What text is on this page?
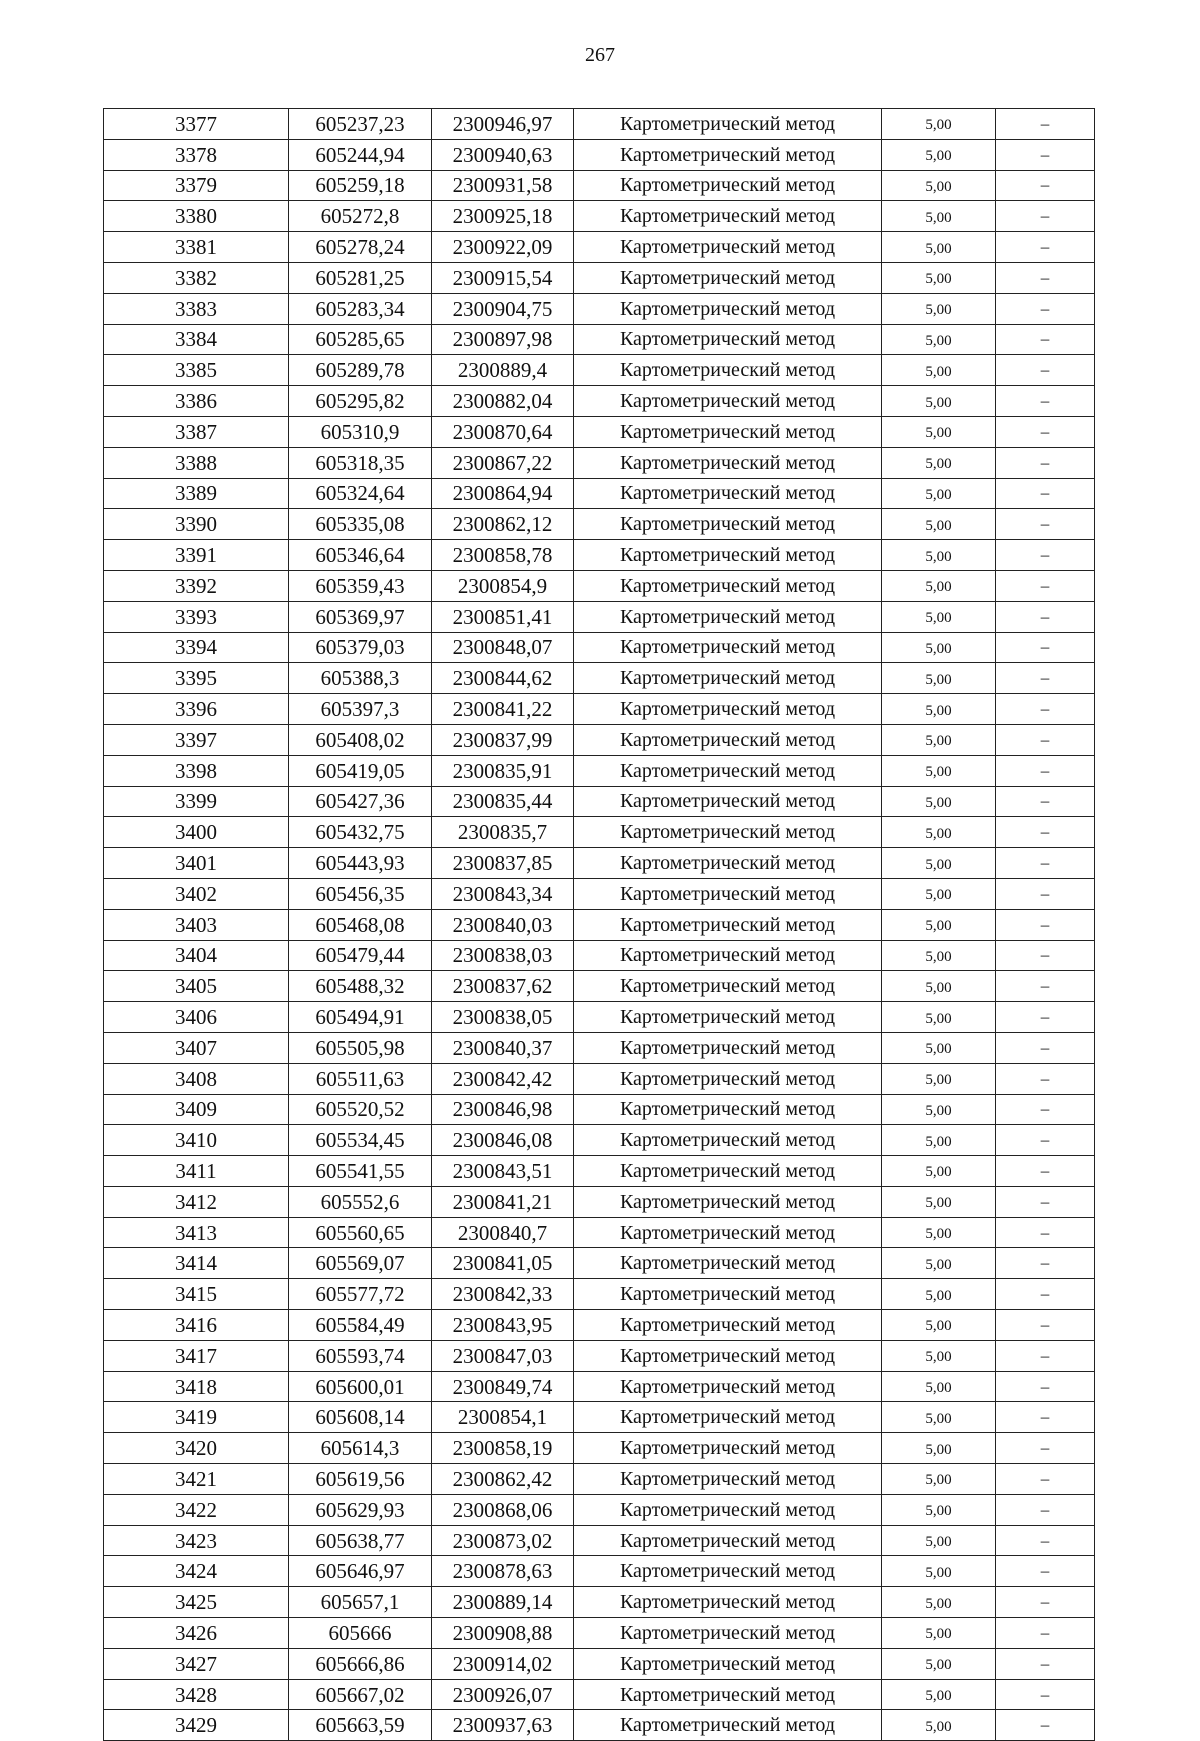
267
3377	605237,23	2300946,97	Картометрический метод	5,00	–
3378	605244,94	2300940,63	Картометрический метод	5,00	–
3379	605259,18	2300931,58	Картометрический метод	5,00	–
3380	605272,8	2300925,18	Картометрический метод	5,00	–
3381	605278,24	2300922,09	Картометрический метод	5,00	–
3382	605281,25	2300915,54	Картометрический метод	5,00	–
3383	605283,34	2300904,75	Картометрический метод	5,00	–
3384	605285,65	2300897,98	Картометрический метод	5,00	–
3385	605289,78	2300889,4	Картометрический метод	5,00	–
3386	605295,82	2300882,04	Картометрический метод	5,00	–
3387	605310,9	2300870,64	Картометрический метод	5,00	–
3388	605318,35	2300867,22	Картометрический метод	5,00	–
3389	605324,64	2300864,94	Картометрический метод	5,00	–
3390	605335,08	2300862,12	Картометрический метод	5,00	–
3391	605346,64	2300858,78	Картометрический метод	5,00	–
3392	605359,43	2300854,9	Картометрический метод	5,00	–
3393	605369,97	2300851,41	Картометрический метод	5,00	–
3394	605379,03	2300848,07	Картометрический метод	5,00	–
3395	605388,3	2300844,62	Картометрический метод	5,00	–
3396	605397,3	2300841,22	Картометрический метод	5,00	–
3397	605408,02	2300837,99	Картометрический метод	5,00	–
3398	605419,05	2300835,91	Картометрический метод	5,00	–
3399	605427,36	2300835,44	Картометрический метод	5,00	–
3400	605432,75	2300835,7	Картометрический метод	5,00	–
3401	605443,93	2300837,85	Картометрический метод	5,00	–
3402	605456,35	2300843,34	Картометрический метод	5,00	–
3403	605468,08	2300840,03	Картометрический метод	5,00	–
3404	605479,44	2300838,03	Картометрический метод	5,00	–
3405	605488,32	2300837,62	Картометрический метод	5,00	–
3406	605494,91	2300838,05	Картометрический метод	5,00	–
3407	605505,98	2300840,37	Картометрический метод	5,00	–
3408	605511,63	2300842,42	Картометрический метод	5,00	–
3409	605520,52	2300846,98	Картометрический метод	5,00	–
3410	605534,45	2300846,08	Картометрический метод	5,00	–
3411	605541,55	2300843,51	Картометрический метод	5,00	–
3412	605552,6	2300841,21	Картометрический метод	5,00	–
3413	605560,65	2300840,7	Картометрический метод	5,00	–
3414	605569,07	2300841,05	Картометрический метод	5,00	–
3415	605577,72	2300842,33	Картометрический метод	5,00	–
3416	605584,49	2300843,95	Картометрический метод	5,00	–
3417	605593,74	2300847,03	Картометрический метод	5,00	–
3418	605600,01	2300849,74	Картометрический метод	5,00	–
3419	605608,14	2300854,1	Картометрический метод	5,00	–
3420	605614,3	2300858,19	Картометрический метод	5,00	–
3421	605619,56	2300862,42	Картометрический метод	5,00	–
3422	605629,93	2300868,06	Картометрический метод	5,00	–
3423	605638,77	2300873,02	Картометрический метод	5,00	–
3424	605646,97	2300878,63	Картометрический метод	5,00	–
3425	605657,1	2300889,14	Картометрический метод	5,00	–
3426	605666	2300908,88	Картометрический метод	5,00	–
3427	605666,86	2300914,02	Картометрический метод	5,00	–
3428	605667,02	2300926,07	Картометрический метод	5,00	–
3429	605663,59	2300937,63	Картометрический метод	5,00	–
